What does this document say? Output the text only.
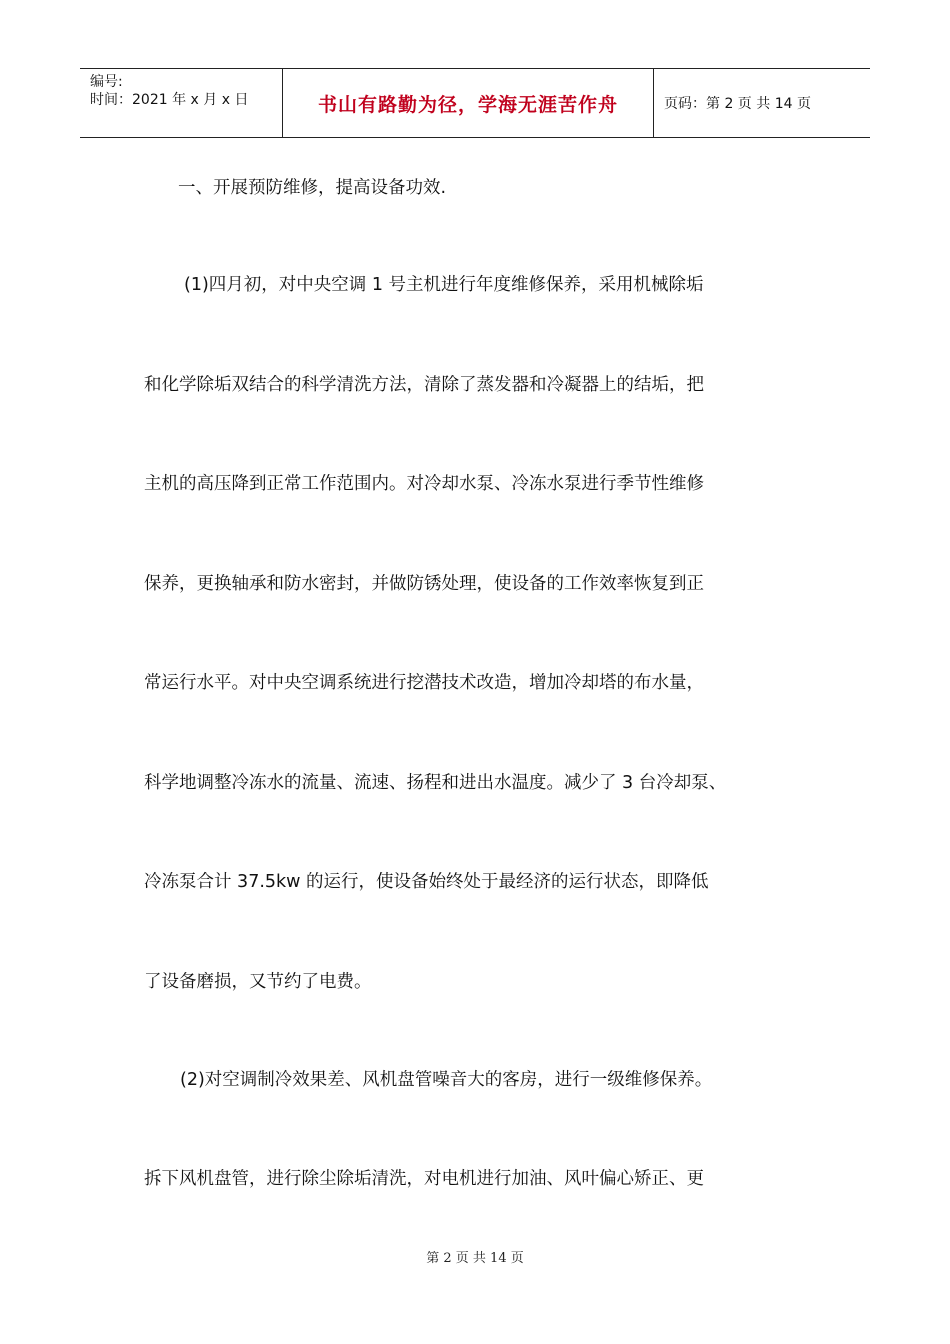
编号:
时间：2021 年 x 月 x 日	书山有路勤为径，学海无涯苦作舟	页码：第 2 页 共 14 页
一、开展预防维修，提高设备功效.
(1)四月初，对中央空调 1 号主机进行年度维修保养，采用机械除垢
和化学除垢双结合的科学清洗方法，清除了蒸发器和冷凝器上的结垢，把
主机的高压降到正常工作范围内。对冷却水泵、冷冻水泵进行季节性维修
保养，更换轴承和防水密封，并做防锈处理，使设备的工作效率恢复到正
常运行水平。对中央空调系统进行挖潜技术改造，增加冷却塔的布水量，
科学地调整冷冻水的流量、流速、扬程和进出水温度。减少了 3 台冷却泵、
冷冻泵合计 37.5kw 的运行，使设备始终处于最经济的运行状态，即降低
了设备磨损，又节约了电费。
(2)对空调制冷效果差、风机盘管噪音大的客房，进行一级维修保养。
拆下风机盘管，进行除尘除垢清洗，对电机进行加油、风叶偏心矫正、更
第 2 页 共 14 页
